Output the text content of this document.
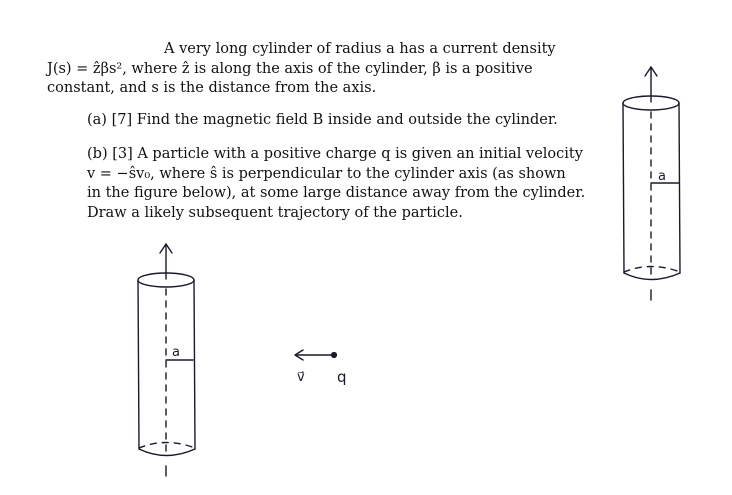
A very long cylinder of radius a has a current density
J(s) = ẑβs², where ẑ is along the axis of the cylinder, β is a positive
constant, and s is the distance from the axis.
(a) [7] Find the magnetic field B inside and outside the cylinder.
(b) [3] A particle with a positive charge q is given an initial velocity
v = −ŝv₀, where ŝ is perpendicular to the cylinder axis (as shown
in the figure below), at some large distance away from the cylinder.
Draw a likely subsequent trajectory of the particle.
a
a
v⃗ q
